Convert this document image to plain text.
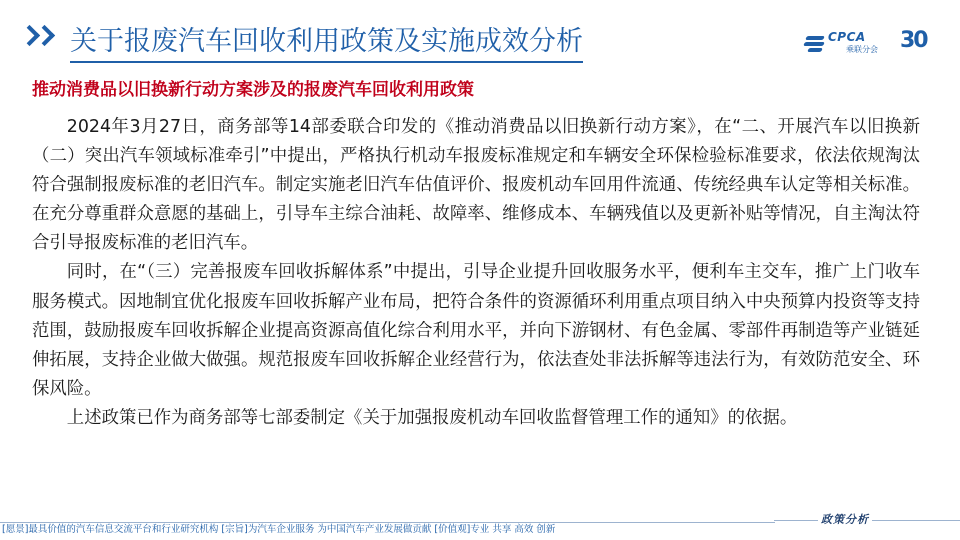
关于报废汽车回收利用政策及实施成效分析	CPCA
乘联分会 30
推动消费品以旧换新行动方案涉及的报废汽车回收利用政策

2024年3月27日，商务部等14部委联合印发的《推动消费品以旧换新行动方案》，在“二、开展汽车以旧换新（二）突出汽车领域标准牵引”中提出，严格执行机动车报废标准规定和车辆安全环保检验标准要求，依法依规淘汰符合强制报废标准的老旧汽车。制定实施老旧汽车估值评价、报废机动车回用件流通、传统经典车认定等相关标准。在充分尊重群众意愿的基础上，引导车主综合油耗、故障率、维修成本、车辆残值以及更新补贴等情况，自主淘汰符合引导报废标准的老旧汽车。

同时，在“（三）完善报废车回收拆解体系”中提出，引导企业提升回收服务水平，便利车主交车，推广上门收车服务模式。因地制宜优化报废车回收拆解产业布局，把符合条件的资源循环利用重点项目纳入中央预算内投资等支持范围，鼓励报废车回收拆解企业提高资源高值化综合利用水平，并向下游钢材、有色金属、零部件再制造等产业链延伸拓展，支持企业做大做强。规范报废车回收拆解企业经营行为，依法查处非法拆解等违法行为，有效防范安全、环保风险。

上述政策已作为商务部等七部委制定《关于加强报废机动车回收监督管理工作的通知》的依据。

政策分析
[愿景]最具价值的汽车信息交流平台和行业研究机构 [宗旨]为汽车企业服务 为中国汽车产业发展做贡献 [价值观]专业 共享 高效 创新
